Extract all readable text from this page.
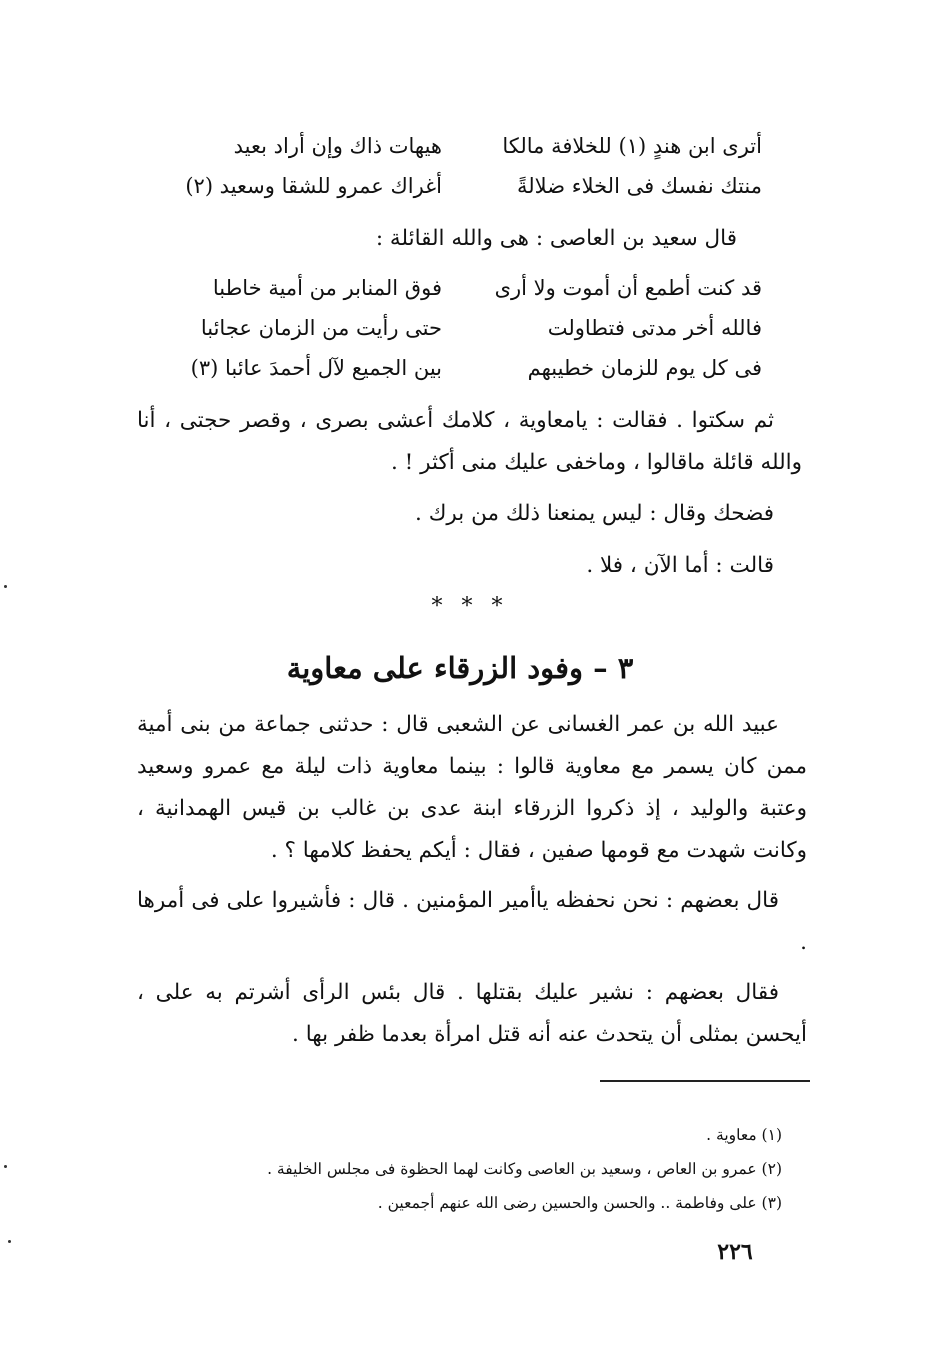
أترى ابن هندٍ (١) للخلافة مالكا
هيهات ذاك وإن أراد بعيد
منتك نفسك فى الخلاء ضلالةً
أغراك عمرو للشقا وسعيد (٢)

قال سعيد بن العاصى : هى والله القائلة :

قد كنت أطمع أن أموت ولا أرى
فوق المنابر من أمية خاطبا
فالله أخر مدتى فتطاولت
حتى رأيت من الزمان عجائبا
فى كل يوم للزمان خطيبهم
بين الجميع لآل أحمدَ عائبا (٣)

ثم سكتوا . فقالت : يامعاوية ، كلامك أعشى بصرى ، وقصر حجتى ، أنا والله قائلة ماقالوا ، وماخفى عليك منى أكثر ! .

فضحك وقال : ليس يمنعنا ذلك من برك .

قالت : أما الآن ، فلا .

* * *
٣ – وفود الزرقاء على معاوية

عبيد الله بن عمر الغسانى عن الشعبى قال : حدثنى جماعة من بنى أمية ممن كان يسمر مع معاوية قالوا : بينما معاوية ذات ليلة مع عمرو وسعيد وعتبة والوليد ، إذ ذكروا الزرقاء ابنة عدى بن غالب بن قيس الهمدانية ، وكانت شهدت مع قومها صفين ، فقال : أيكم يحفظ كلامها ؟ .

قال بعضهم : نحن نحفظه ياأمير المؤمنين . قال : فأشيروا على فى أمرها .

فقال بعضهم : نشير عليك بقتلها . قال بئس الرأى أشرتم به على ، أيحسن بمثلى أن يتحدث عنه أنه قتل امرأة بعدما ظفر بها .

(١) معاوية .
(٢) عمرو بن العاص ، وسعيد بن العاصى وكانت لهما الحظوة فى مجلس الخليفة .
(٣) على وفاطمة .. والحسن والحسين رضى الله عنهم أجمعين .
٢٢٦
